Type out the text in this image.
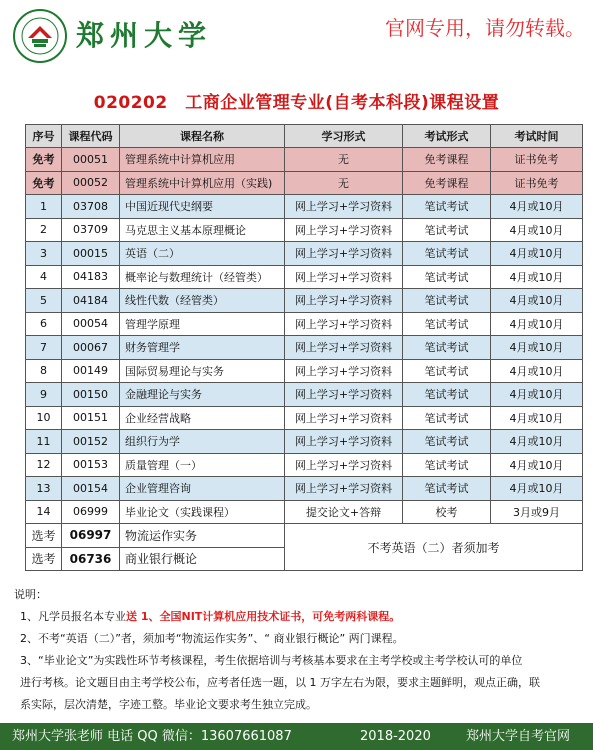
郑州大学	官网专用，请勿转载。
020202　工商企业管理专业(自考本科段)课程设置
序号	课程代码	课程名称	学习形式	考试形式	考试时间
免考	00051	管理系统中计算机应用	无	免考课程	证书免考
免考	00052	管理系统中计算机应用（实践)	无	免考课程	证书免考
1	03708	中国近现代史纲要	网上学习+学习资料	笔试考试	4月或10月
2	03709	马克思主义基本原理概论	网上学习+学习资料	笔试考试	4月或10月
3	00015	英语（二）	网上学习+学习资料	笔试考试	4月或10月
4	04183	概率论与数理统计（经管类）	网上学习+学习资料	笔试考试	4月或10月
5	04184	线性代数（经管类）	网上学习+学习资料	笔试考试	4月或10月
6	00054	管理学原理	网上学习+学习资料	笔试考试	4月或10月
7	00067	财务管理学	网上学习+学习资料	笔试考试	4月或10月
8	00149	国际贸易理论与实务	网上学习+学习资料	笔试考试	4月或10月
9	00150	金融理论与实务	网上学习+学习资料	笔试考试	4月或10月
10	00151	企业经营战略	网上学习+学习资料	笔试考试	4月或10月
11	00152	组织行为学	网上学习+学习资料	笔试考试	4月或10月
12	00153	质量管理（一）	网上学习+学习资料	笔试考试	4月或10月
13	00154	企业管理咨询	网上学习+学习资料	笔试考试	4月或10月
14	06999	毕业论文（实践课程）	提交论文+答辩	校考	3月或9月
选考	06997	物流运作实务	不考英语（二）者须加考		
选考	06736	商业银行概论			
说明：
1、凡学员报名本专业送 1、全国NIT计算机应用技术证书，可免考两科课程。
2、不考“英语（二）”者，须加考“物流运作实务”、“ 商业银行概论” 两门课程。
3、“毕业论文”为实践性环节考核课程，考生依据培训与考核基本要求在主考学校或主考学校认可的单位
进行考核。论文题目由主考学校公布，应考者任选一题，以 1 万字左右为限，要求主题鲜明，观点正确，联
系实际，层次清楚，字迹工整。毕业论文要求考生独立完成。
郑州大学张老师 电话 QQ 微信：13607661087	2018-2020	郑州大学自考官网
